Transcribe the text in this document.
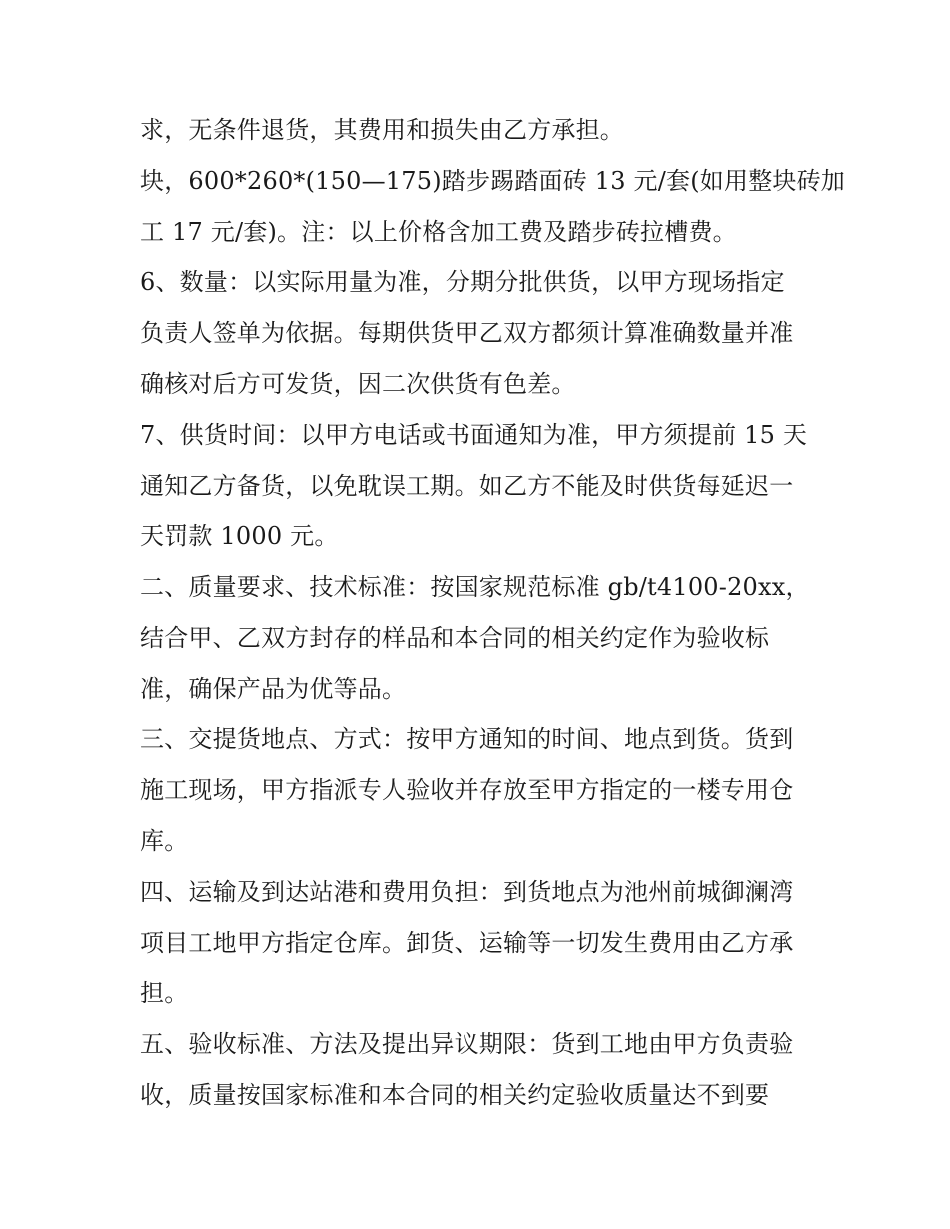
求，无条件退货，其费用和损失由乙方承担。
块，600*260*(150—175)踏步踢踏面砖 13 元/套(如用整块砖加
工 17 元/套)。注：以上价格含加工费及踏步砖拉槽费。
6、数量：以实际用量为准，分期分批供货，以甲方现场指定
负责人签单为依据。每期供货甲乙双方都须计算准确数量并准
确核对后方可发货，因二次供货有色差。
7、供货时间：以甲方电话或书面通知为准，甲方须提前 15 天
通知乙方备货，以免耽误工期。如乙方不能及时供货每延迟一
天罚款 1000 元。
二、质量要求、技术标准：按国家规范标准 gb/t4100-20xx，
结合甲、乙双方封存的样品和本合同的相关约定作为验收标
准，确保产品为优等品。
三、交提货地点、方式：按甲方通知的时间、地点到货。货到
施工现场，甲方指派专人验收并存放至甲方指定的一楼专用仓
库。
四、运输及到达站港和费用负担：到货地点为池州前城御澜湾
项目工地甲方指定仓库。卸货、运输等一切发生费用由乙方承
担。
五、验收标准、方法及提出异议期限：货到工地由甲方负责验
收，质量按国家标准和本合同的相关约定验收质量达不到要
